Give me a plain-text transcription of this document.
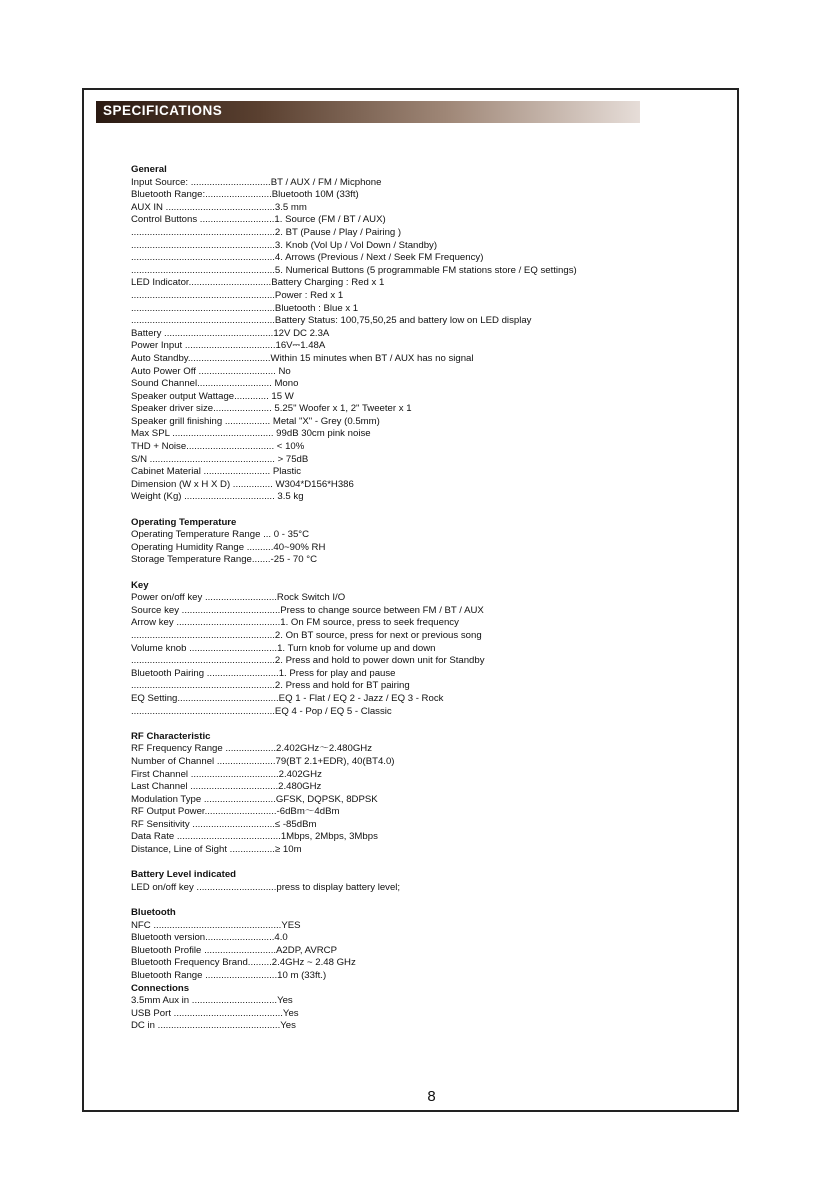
SPECIFICATIONS
General
Input Source: ..............................BT / AUX / FM / Micphone
Bluetooth Range:.........................Bluetooth 10M (33ft)
AUX IN .........................................3.5 mm
Control Buttons ............................1. Source (FM / BT / AUX)
......................................................2. BT (Pause / Play / Pairing )
......................................................3. Knob (Vol Up / Vol Down / Standby)
......................................................4. Arrows (Previous / Next / Seek FM Frequency)
......................................................5. Numerical Buttons (5 programmable FM stations store / EQ settings)
LED Indicator...............................Battery Charging : Red x 1
......................................................Power : Red x 1
......................................................Bluetooth : Blue x 1
......................................................Battery Status: 100,75,50,25 and battery low on LED display
Battery .........................................12V DC 2.3A
Power Input ..................................16V⎓1.48A
Auto Standby...............................Within 15 minutes when BT / AUX has no signal
Auto Power Off ............................. No
Sound Channel............................ Mono
Speaker output Wattage............. 15 W
Speaker driver size...................... 5.25" Woofer x 1, 2" Tweeter x 1
Speaker grill finishing ................. Metal "X" - Grey (0.5mm)
Max SPL ...................................... 99dB 30cm pink noise
THD + Noise................................. < 10%
S/N ............................................... > 75dB
Cabinet Material ......................... Plastic
Dimension (W x H X D) ............... W304*D156*H386
Weight (Kg) .................................. 3.5 kg
Operating Temperature
Operating Temperature Range ... 0 - 35°C
Operating Humidity Range ..........40~90% RH
Storage Temperature Range.......-25 - 70 °C
Key
Power on/off key ...........................Rock Switch I/O
Source key .....................................Press to change source between FM / BT / AUX
Arrow key .......................................1. On FM source, press to seek frequency
......................................................2. On BT source, press for next or previous song
Volume knob .................................1. Turn knob for volume up and down
......................................................2. Press and hold to power down unit for Standby
Bluetooth Pairing ...........................1. Press for play and pause
......................................................2. Press and hold for BT pairing
EQ Setting......................................EQ 1 - Flat / EQ 2 - Jazz / EQ 3 - Rock
......................................................EQ 4 - Pop / EQ 5 - Classic
RF Characteristic
RF Frequency Range ...................2.402GHz～2.480GHz
Number of Channel ......................79(BT 2.1+EDR), 40(BT4.0)
First Channel .................................2.402GHz
Last Channel .................................2.480GHz
Modulation Type ...........................GFSK, DQPSK, 8DPSK
RF Output Power...........................-6dBm～4dBm
RF Sensitivity ...............................≤ -85dBm
Data Rate .......................................1Mbps, 2Mbps, 3Mbps
Distance, Line of Sight .................≥ 10m
Battery Level indicated
LED on/off key ..............................press to display battery level;
Bluetooth
NFC ................................................YES
Bluetooth version..........................4.0
Bluetooth Profile ...........................A2DP, AVRCP
Bluetooth Frequency Brand.........2.4GHz ~ 2.48 GHz
Bluetooth Range ...........................10 m (33ft.)
Connections
3.5mm Aux in ................................Yes
USB Port .........................................Yes
DC in ..............................................Yes
8
